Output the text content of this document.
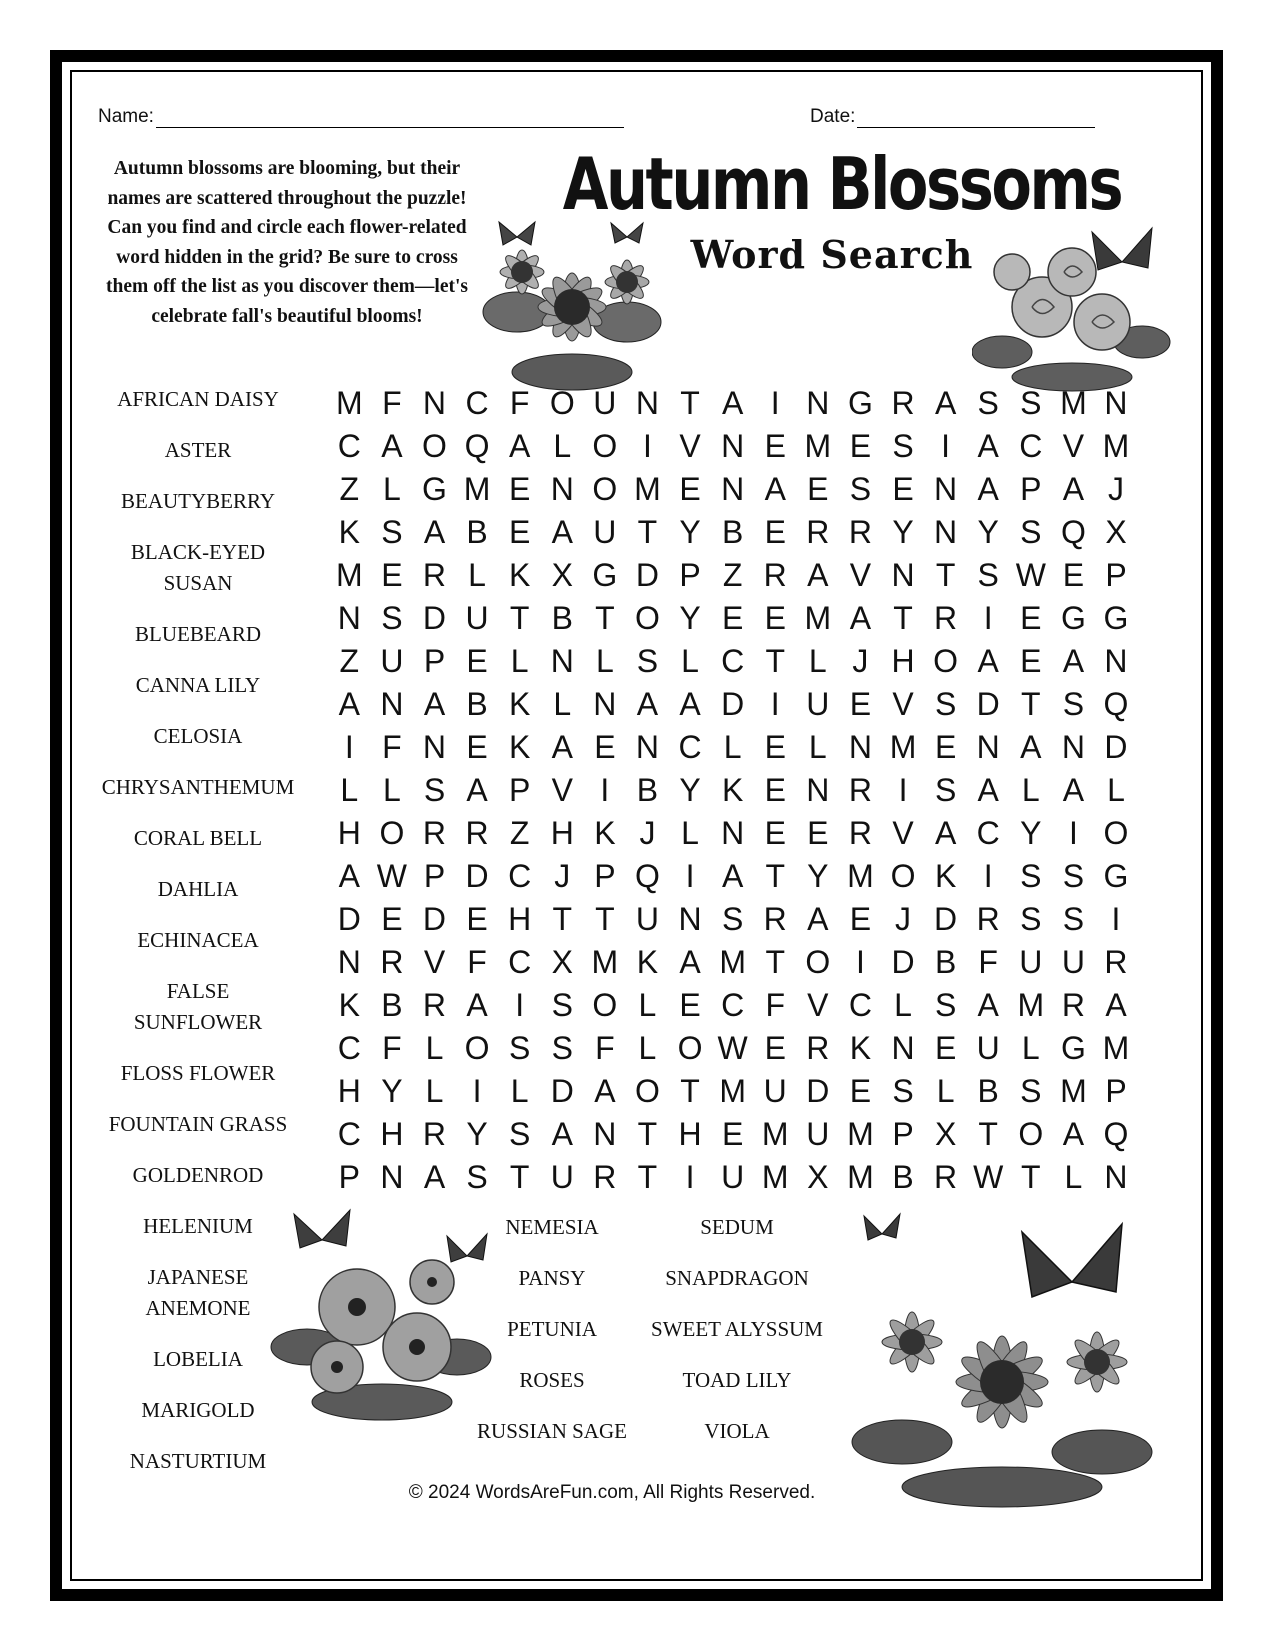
Name:	Date:
Autumn blossoms are blooming, but their names are scattered throughout the puzzle! Can you find and circle each flower-related word hidden in the grid? Be sure to cross them off the list as you discover them—let's celebrate fall's beautiful blooms!
Autumn Blossoms
Word Search
AFRICAN DAISY
ASTER
BEAUTYBERRY
BLACK-EYED SUSAN
BLUEBEARD
CANNA LILY
CELOSIA
CHRYSANTHEMUM
CORAL BELL
DAHLIA
ECHINACEA
FALSE SUNFLOWER
FLOSS FLOWER
FOUNTAIN GRASS
GOLDENROD
HELENIUM
JAPANESE ANEMONE
LOBELIA
MARIGOLD
NASTURTIUM
M F N C F O U N T A I N G R A S S M N
C A O Q A L O I V N E M E S I A C V M
Z L G M E N O M E N A E S E N A P A J
K S A B E A U T Y B E R R Y N Y S Q X
M E R L K X G D P Z R A V N T S W E P
N S D U T B T O Y E E M A T R I E G G
Z U P E L N L S L C T L J H O A E A N
A N A B K L N A A D I U E V S D T S Q
I F N E K A E N C L E L N M E N A N D
L L S A P V I B Y K E N R I S A L A L
H O R R Z H K J L N E E R V A C Y I O
A W P D C J P Q I A T Y M O K I S S G
D E D E H T T U N S R A E J D R S S I
N R V F C X M K A M T O I D B F U U R
K B R A I S O L E C F V C L S A M R A
C F L O S S F L O W E R K N E U L G M
H Y L I L D A O T M U D E S L B S M P
C H R Y S A N T H E M U M P X T O A Q
P N A S T U R T I U M X M B R W T L N
NEMESIA
PANSY
PETUNIA
ROSES
RUSSIAN SAGE
SEDUM
SNAPDRAGON
SWEET ALYSSUM
TOAD LILY
VIOLA
© 2024 WordsAreFun.com, All Rights Reserved.
